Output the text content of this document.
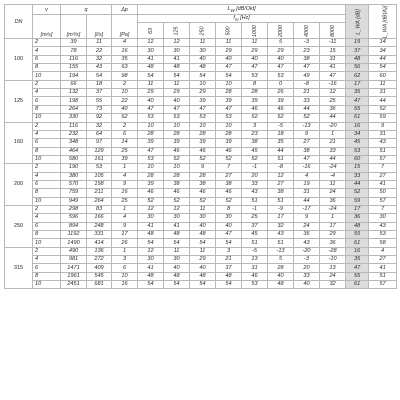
DN	v	q		Δp	$L_W$ [dB/Okt]								L_WA [dB]	L_WA [dB(A)]
	[m/s]	[m³/s]	[l/s]	[Pa]	$f_m$ [Hz]									
					63	125	250	500	1000	2000	4000	8000		
100	2	39	11	4	12	12	11	11	11	5	-3	-11	19	14
	4	78	22	16	30	30	30	29	29	29	23	15	37	34
	6	116	32	35	41	41	40	40	40	40	38	31	48	44
	8	155	43	63	48	48	48	47	47	47	47	41	56	54
	10	194	54	98	54	54	54	54	53	53	49	47	62	60
125	2	66	18	2	11	11	10	10	8	0	-8	-16	17	11
	4	132	37	10	29	29	29	28	28	26	21	12	35	31
	6	198	55	22	40	40	39	39	39	39	33	25	47	44
	8	264	73	40	47	47	47	47	46	46	44	36	55	52
	10	330	92	62	53	53	53	53	52	52	52	44	61	59
160	2	116	32	2	10	10	10	10	3	-5	-13	-20	16	9
	4	232	64	6	28	28	28	28	23	18	9	1	34	31
	6	348	97	14	39	39	39	39	38	35	27	21	45	43
	8	464	129	25	47	46	46	46	45	44	38	33	53	51
	10	580	161	39	53	52	52	52	52	51	47	44	60	57
200	2	190	53	1	10	10	9	7	-1	-8	-16	-24	15	7
	4	380	105	4	28	28	28	27	20	12	4	-4	33	27
	6	570	158	9	39	38	38	38	33	27	19	11	44	41
	8	759	211	16	46	46	46	46	43	38	31	24	52	50
	10	949	264	25	52	52	52	52	51	51	44	36	59	57
250	2	298	83	1	12	12	11	8	-1	-9	-17	-24	17	7
	4	596	166	4	30	30	30	30	25	17	9	1	36	30
	6	894	248	9	41	41	40	40	37	32	24	17	48	43
	8	1192	331	17	48	48	48	47	45	43	36	29	55	53
	10	1490	414	26	54	54	54	54	51	51	43	36	61	58
315	2	490	136	1	12	11	11	3	-5	-13	-20	-28	16	4
	4	981	272	3	30	30	29	21	13	5	-3	-10	35	27
	6	1471	409	6	41	40	40	37	31	28	20	13	47	41
	8	1961	545	10	48	48	48	48	46	40	33	24	55	51
	10	2451	681	16	54	54	54	54	53	48	40	32	61	57
